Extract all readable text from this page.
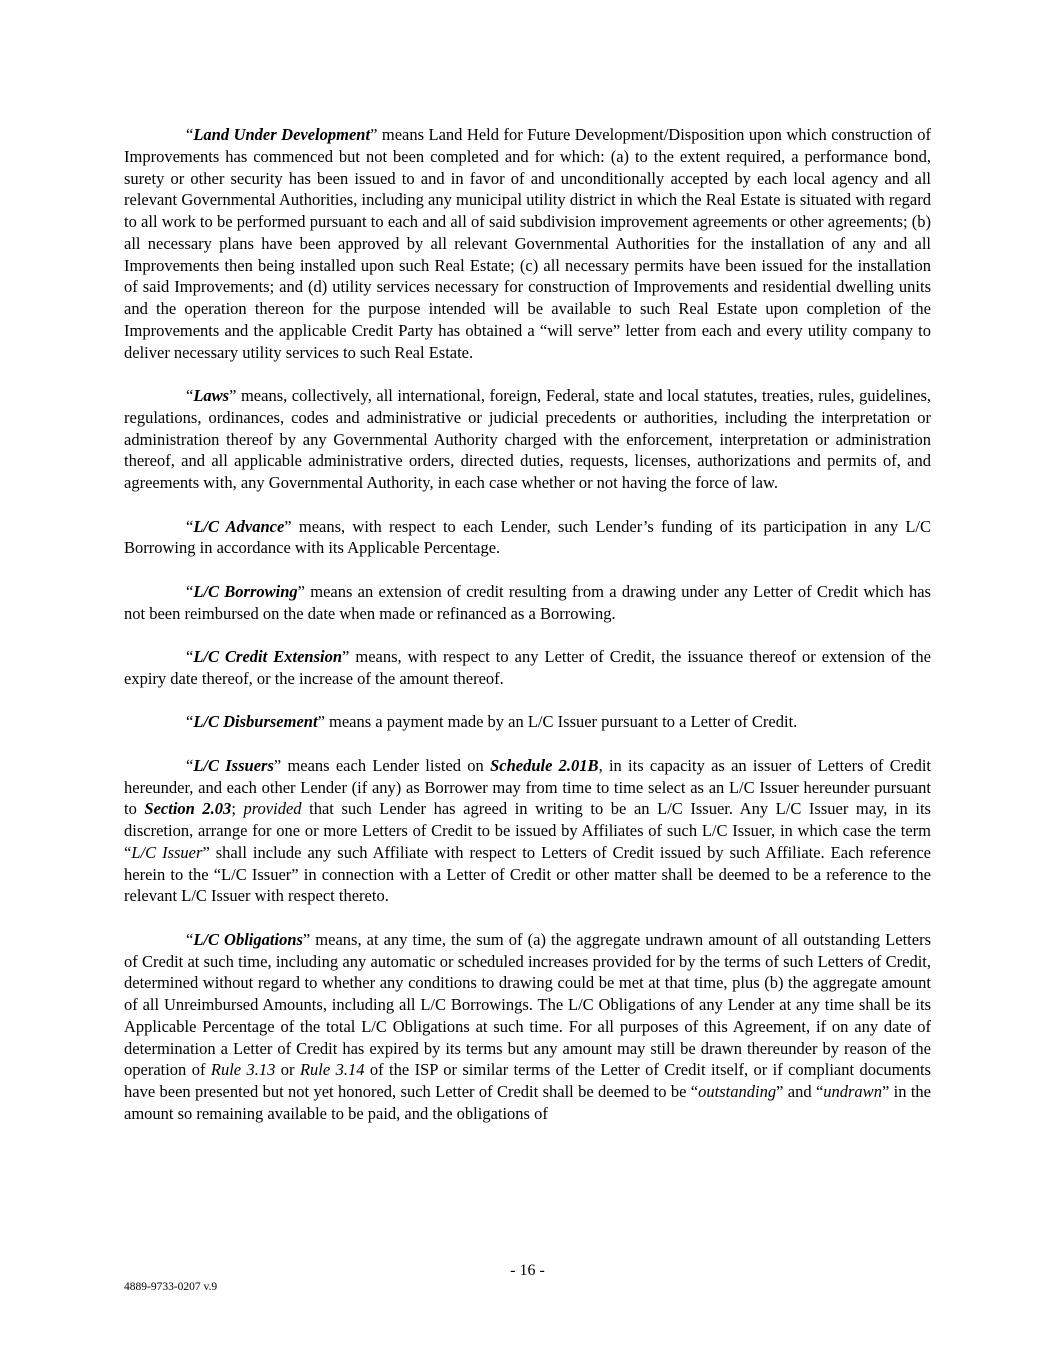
“Land Under Development” means Land Held for Future Development/Disposition upon which construction of Improvements has commenced but not been completed and for which: (a) to the extent required, a performance bond, surety or other security has been issued to and in favor of and unconditionally accepted by each local agency and all relevant Governmental Authorities, including any municipal utility district in which the Real Estate is situated with regard to all work to be performed pursuant to each and all of said subdivision improvement agreements or other agreements; (b) all necessary plans have been approved by all relevant Governmental Authorities for the installation of any and all Improvements then being installed upon such Real Estate; (c) all necessary permits have been issued for the installation of said Improvements; and (d) utility services necessary for construction of Improvements and residential dwelling units and the operation thereon for the purpose intended will be available to such Real Estate upon completion of the Improvements and the applicable Credit Party has obtained a “will serve” letter from each and every utility company to deliver necessary utility services to such Real Estate.

“Laws” means, collectively, all international, foreign, Federal, state and local statutes, treaties, rules, guidelines, regulations, ordinances, codes and administrative or judicial precedents or authorities, including the interpretation or administration thereof by any Governmental Authority charged with the enforcement, interpretation or administration thereof, and all applicable administrative orders, directed duties, requests, licenses, authorizations and permits of, and agreements with, any Governmental Authority, in each case whether or not having the force of law.

“L/C Advance” means, with respect to each Lender, such Lender’s funding of its participation in any L/C Borrowing in accordance with its Applicable Percentage.

“L/C Borrowing” means an extension of credit resulting from a drawing under any Letter of Credit which has not been reimbursed on the date when made or refinanced as a Borrowing.

“L/C Credit Extension” means, with respect to any Letter of Credit, the issuance thereof or extension of the expiry date thereof, or the increase of the amount thereof.

“L/C Disbursement” means a payment made by an L/C Issuer pursuant to a Letter of Credit.

“L/C Issuers” means each Lender listed on Schedule 2.01B, in its capacity as an issuer of Letters of Credit hereunder, and each other Lender (if any) as Borrower may from time to time select as an L/C Issuer hereunder pursuant to Section 2.03; provided that such Lender has agreed in writing to be an L/C Issuer. Any L/C Issuer may, in its discretion, arrange for one or more Letters of Credit to be issued by Affiliates of such L/C Issuer, in which case the term “L/C Issuer” shall include any such Affiliate with respect to Letters of Credit issued by such Affiliate. Each reference herein to the “L/C Issuer” in connection with a Letter of Credit or other matter shall be deemed to be a reference to the relevant L/C Issuer with respect thereto.

“L/C Obligations” means, at any time, the sum of (a) the aggregate undrawn amount of all outstanding Letters of Credit at such time, including any automatic or scheduled increases provided for by the terms of such Letters of Credit, determined without regard to whether any conditions to drawing could be met at that time, plus (b) the aggregate amount of all Unreimbursed Amounts, including all L/C Borrowings. The L/C Obligations of any Lender at any time shall be its Applicable Percentage of the total L/C Obligations at such time. For all purposes of this Agreement, if on any date of determination a Letter of Credit has expired by its terms but any amount may still be drawn thereunder by reason of the operation of Rule 3.13 or Rule 3.14 of the ISP or similar terms of the Letter of Credit itself, or if compliant documents have been presented but not yet honored, such Letter of Credit shall be deemed to be “outstanding” and “undrawn” in the amount so remaining available to be paid, and the obligations of

- 16 -
4889-9733-0207 v.9
